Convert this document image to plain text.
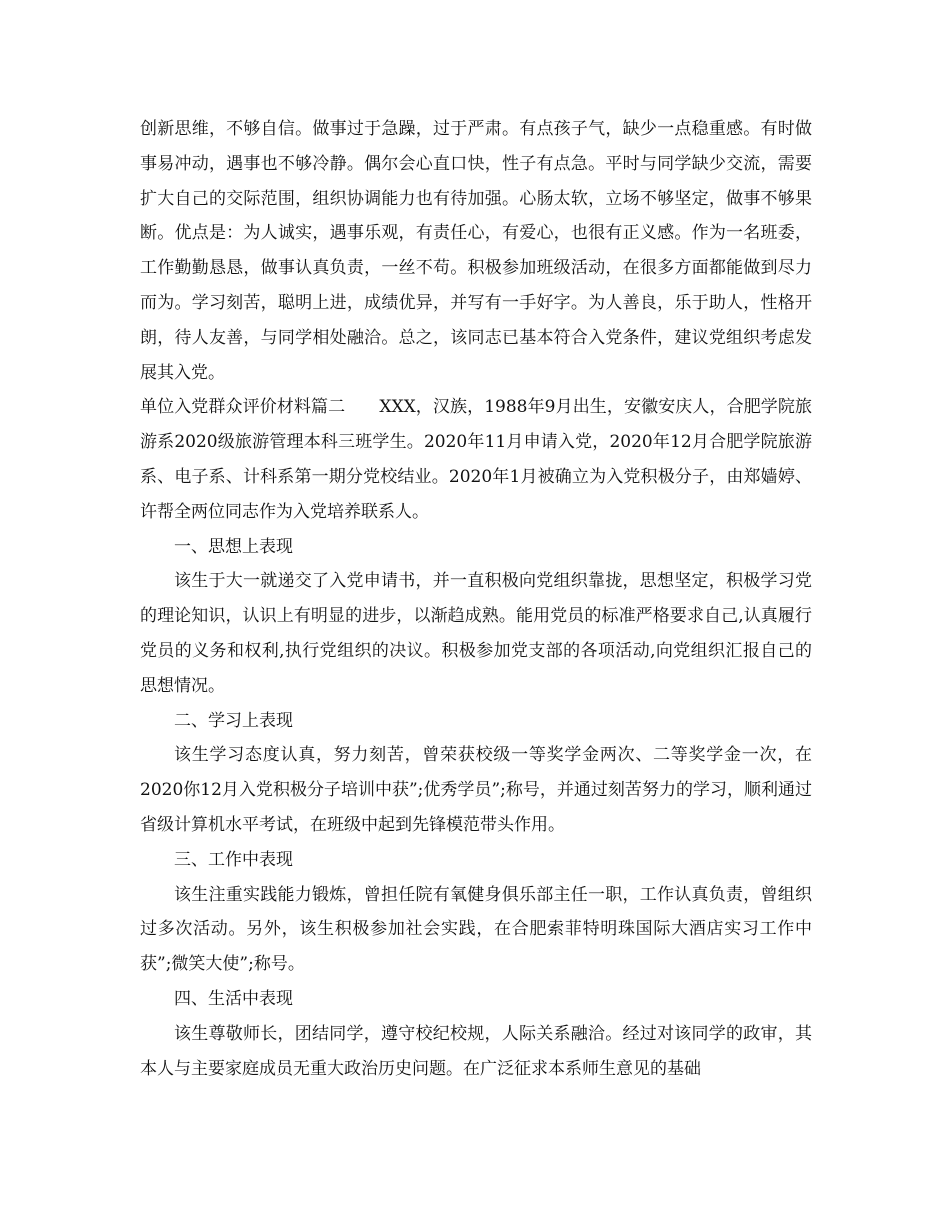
创新思维，不够自信。做事过于急躁，过于严肃。有点孩子气，缺少一点稳重感。有时做事易冲动，遇事也不够冷静。偶尔会心直口快，性子有点急。平时与同学缺少交流，需要扩大自己的交际范围，组织协调能力也有待加强。心肠太软，立场不够坚定，做事不够果断。优点是：为人诚实，遇事乐观，有责任心，有爱心，也很有正义感。作为一名班委，工作勤勤恳恳，做事认真负责，一丝不苟。积极参加班级活动，在很多方面都能做到尽力而为。学习刻苦，聪明上进，成绩优异，并写有一手好字。为人善良，乐于助人，性格开朗，待人友善，与同学相处融洽。总之，该同志已基本符合入党条件，建议党组织考虑发展其入党。

单位入党群众评价材料篇二　　XXX，汉族，1988年9月出生，安徽安庆人，合肥学院旅游系2020级旅游管理本科三班学生。2020年11月申请入党，2020年12月合肥学院旅游系、电子系、计科系第一期分党校结业。2020年1月被确立为入党积极分子，由郑嫱婷、许帮全两位同志作为入党培养联系人。

一、思想上表现

该生于大一就递交了入党申请书，并一直积极向党组织靠拢，思想坚定，积极学习党的理论知识，认识上有明显的进步，以渐趋成熟。能用党员的标准严格要求自己,认真履行党员的义务和权利,执行党组织的决议。积极参加党支部的各项活动,向党组织汇报自己的思想情况。

二、学习上表现

该生学习态度认真，努力刻苦，曾荣获校级一等奖学金两次、二等奖学金一次，在2020你12月入党积极分子培训中获”;优秀学员”;称号，并通过刻苦努力的学习，顺利通过省级计算机水平考试，在班级中起到先锋模范带头作用。

三、工作中表现

该生注重实践能力锻炼，曾担任院有氧健身俱乐部主任一职，工作认真负责，曾组织过多次活动。另外，该生积极参加社会实践，在合肥索菲特明珠国际大酒店实习工作中获”;微笑大使”;称号。

四、生活中表现

该生尊敬师长，团结同学，遵守校纪校规，人际关系融洽。经过对该同学的政审，其本人与主要家庭成员无重大政治历史问题。在广泛征求本系师生意见的基础
